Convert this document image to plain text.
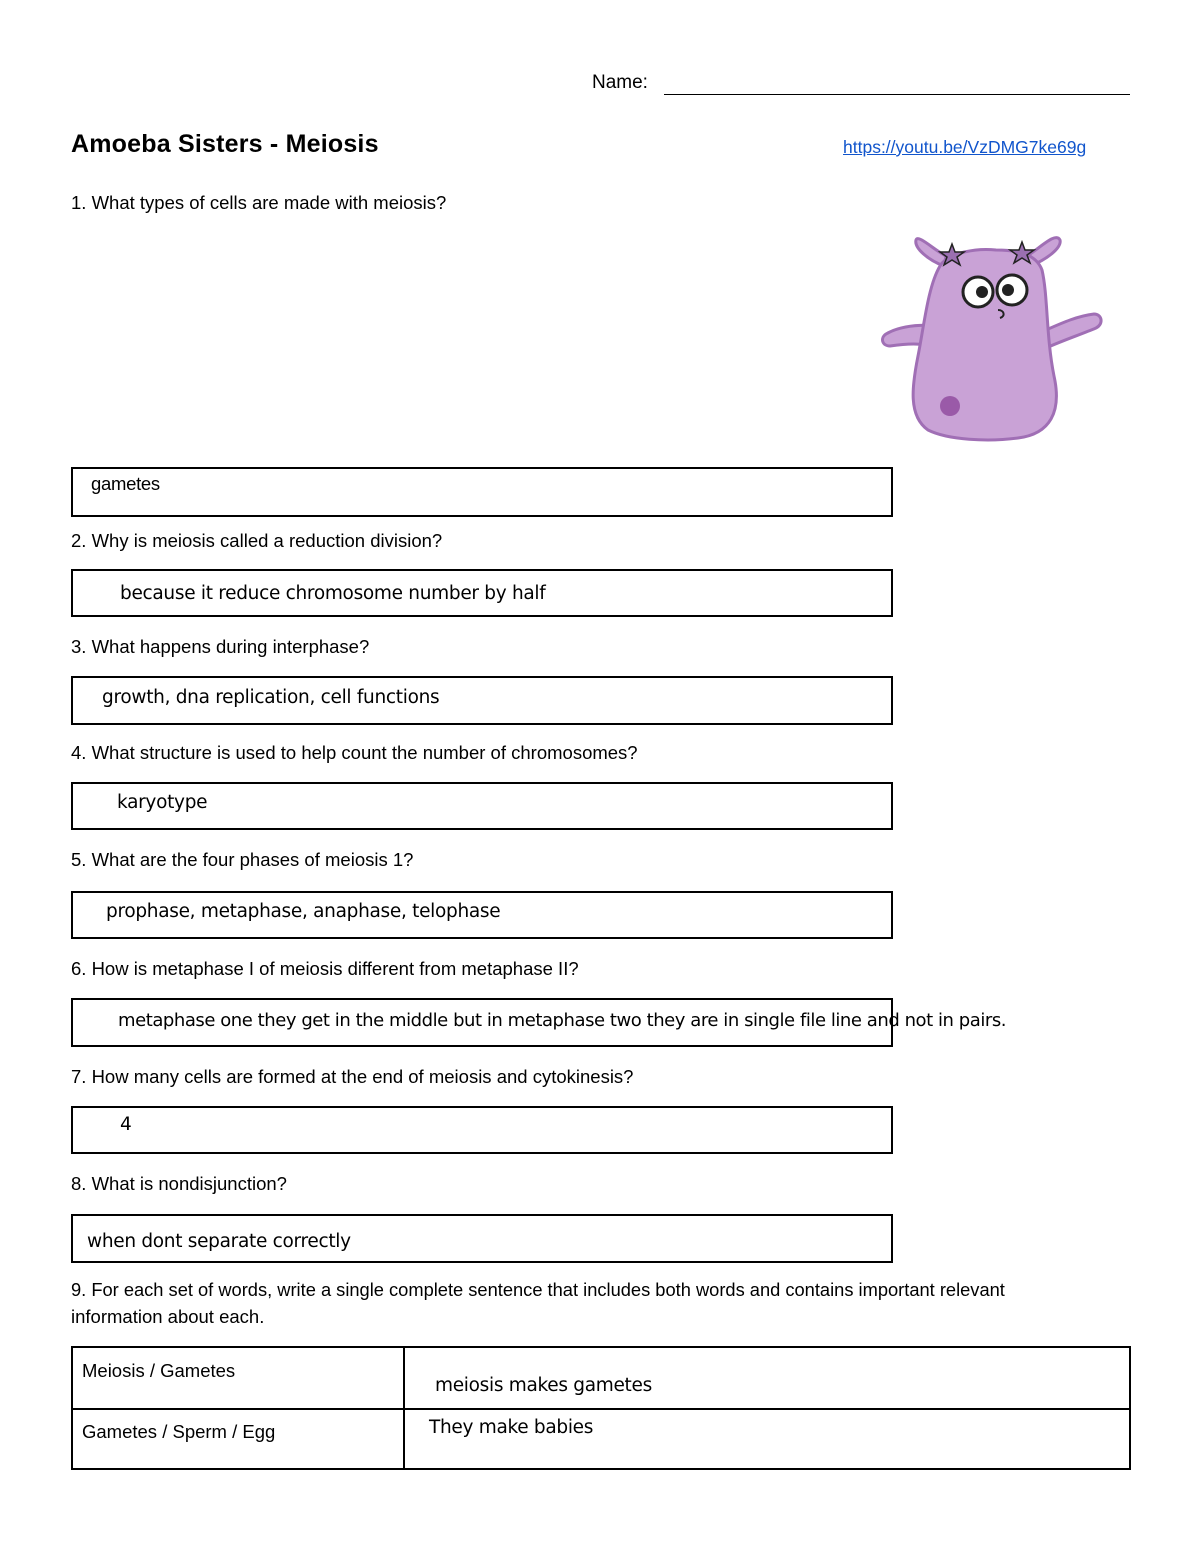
Name:
Amoeba Sisters - Meiosis	https://youtu.be/VzDMG7ke69g
1. What types of cells are made with meiosis?
gametes
2. Why is meiosis called a reduction division?
because it reduce chromosome number by half
3. What happens during interphase?
growth, dna replication, cell functions
4. What structure is used to help count the number of chromosomes?
karyotype
5. What are the four phases of meiosis 1?
prophase, metaphase, anaphase, telophase
6. How is metaphase I of meiosis different from metaphase II?
metaphase one they get in the middle but in metaphase two they are in single file line and not in pairs.
7. How many cells are formed at the end of meiosis and cytokinesis?
4
8. What is nondisjunction?
when dont separate correctly
9. For each set of words, write a single complete sentence that includes both words and contains important relevant
information about each.
Meiosis / Gametes	meiosis makes gametes

Gametes / Sperm / Egg	They make babies
